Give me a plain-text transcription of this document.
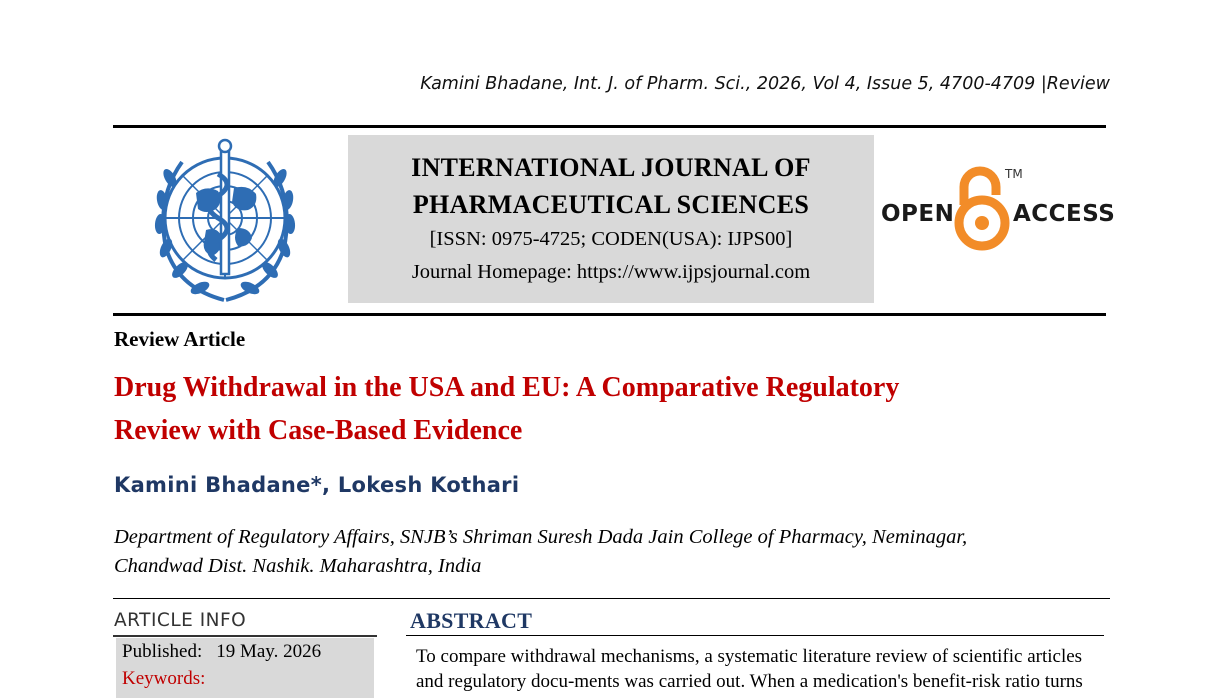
Kamini Bhadane, Int. J. of Pharm. Sci., 2026, Vol 4, Issue 5, 4700-4709 |Review
INTERNATIONAL JOURNAL OF
PHARMACEUTICAL SCIENCES
[ISSN: 0975-4725; CODEN(USA): IJPS00]
Journal Homepage: https://www.ijpsjournal.com
OPEN
TM
ACCESS
Review Article
Drug Withdrawal in the USA and EU: A Comparative Regulatory
Review with Case-Based Evidence
Kamini Bhadane*, Lokesh Kothari
Department of Regulatory Affairs, SNJB’s Shriman Suresh Dada Jain College of Pharmacy, Neminagar,
Chandwad Dist. Nashik. Maharashtra, India
ARTICLE INFO
Published: 19 May. 2026
Keywords:
ABSTRACT
To compare withdrawal mechanisms, a systematic literature review of scientific articles
and regulatory docu-ments was carried out. When a medication's benefit-risk ratio turns
